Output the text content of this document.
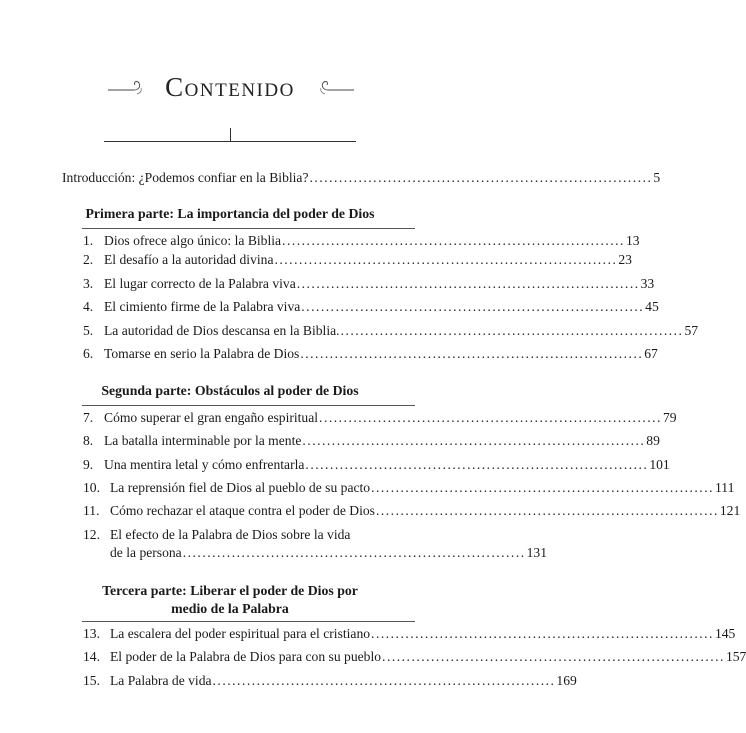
Contenido
Introducción: ¿Podemos confiar en la Biblia? ...................................................................... 5
Primera parte: La importancia del poder de Dios
1. Dios ofrece algo único: la Biblia ...................................................................... 13
2. El desafío a la autoridad divina ...................................................................... 23
3. El lugar correcto de la Palabra viva ...................................................................... 33
4. El cimiento firme de la Palabra viva ...................................................................... 45
5. La autoridad de Dios descansa en la Biblia. ...................................................................... 57
6. Tomarse en serio la Palabra de Dios ...................................................................... 67
Segunda parte: Obstáculos al poder de Dios
7. Cómo superar el gran engaño espiritual ...................................................................... 79
8. La batalla interminable por la mente ...................................................................... 89
9. Una mentira letal y cómo enfrentarla ...................................................................... 101
10. La reprensión fiel de Dios al pueblo de su pacto ...................................................................... 111
11. Cómo rechazar el ataque contra el poder de Dios ...................................................................... 121
12. El efecto de la Palabra de Dios sobre la vida
de la persona ...................................................................... 131
Tercera parte: Liberar el poder de Dios por
medio de la Palabra
13. La escalera del poder espiritual para el cristiano ...................................................................... 145
14. El poder de la Palabra de Dios para con su pueblo ...................................................................... 157
15. La Palabra de vida ...................................................................... 169
